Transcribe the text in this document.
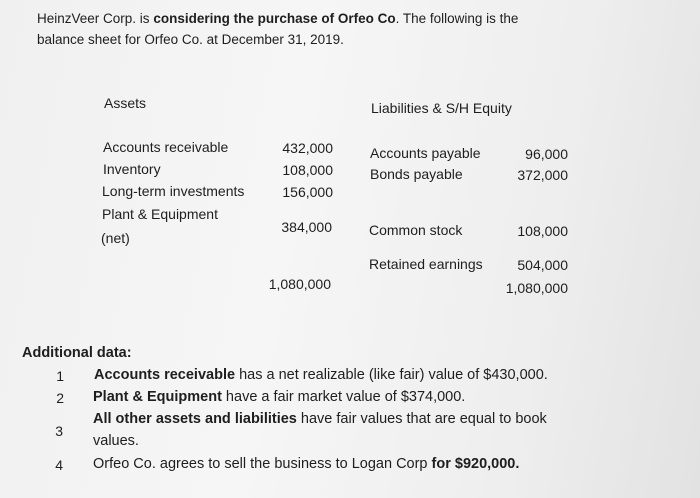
HeinzVeer Corp. is considering the purchase of Orfeo Co. The following is the
balance sheet for Orfeo Co. at December 31, 2019.
Assets	Liabilities & S/H Equity
Accounts receivable
Inventory
Long-term investments
Plant & Equipment
(net)
432,000
108,000
156,000
384,000
1,080,000
Accounts payable
Bonds payable
Common stock
Retained earnings
96,000
372,000
108,000
504,000
1,080,000
Additional data:
1 Accounts receivable has a net realizable (like fair) value of $430,000.
2 Plant & Equipment have a fair market value of $374,000.
3
All other assets and liabilities have fair values that are equal to book
values.
4 Orfeo Co. agrees to sell the business to Logan Corp for $920,000.
